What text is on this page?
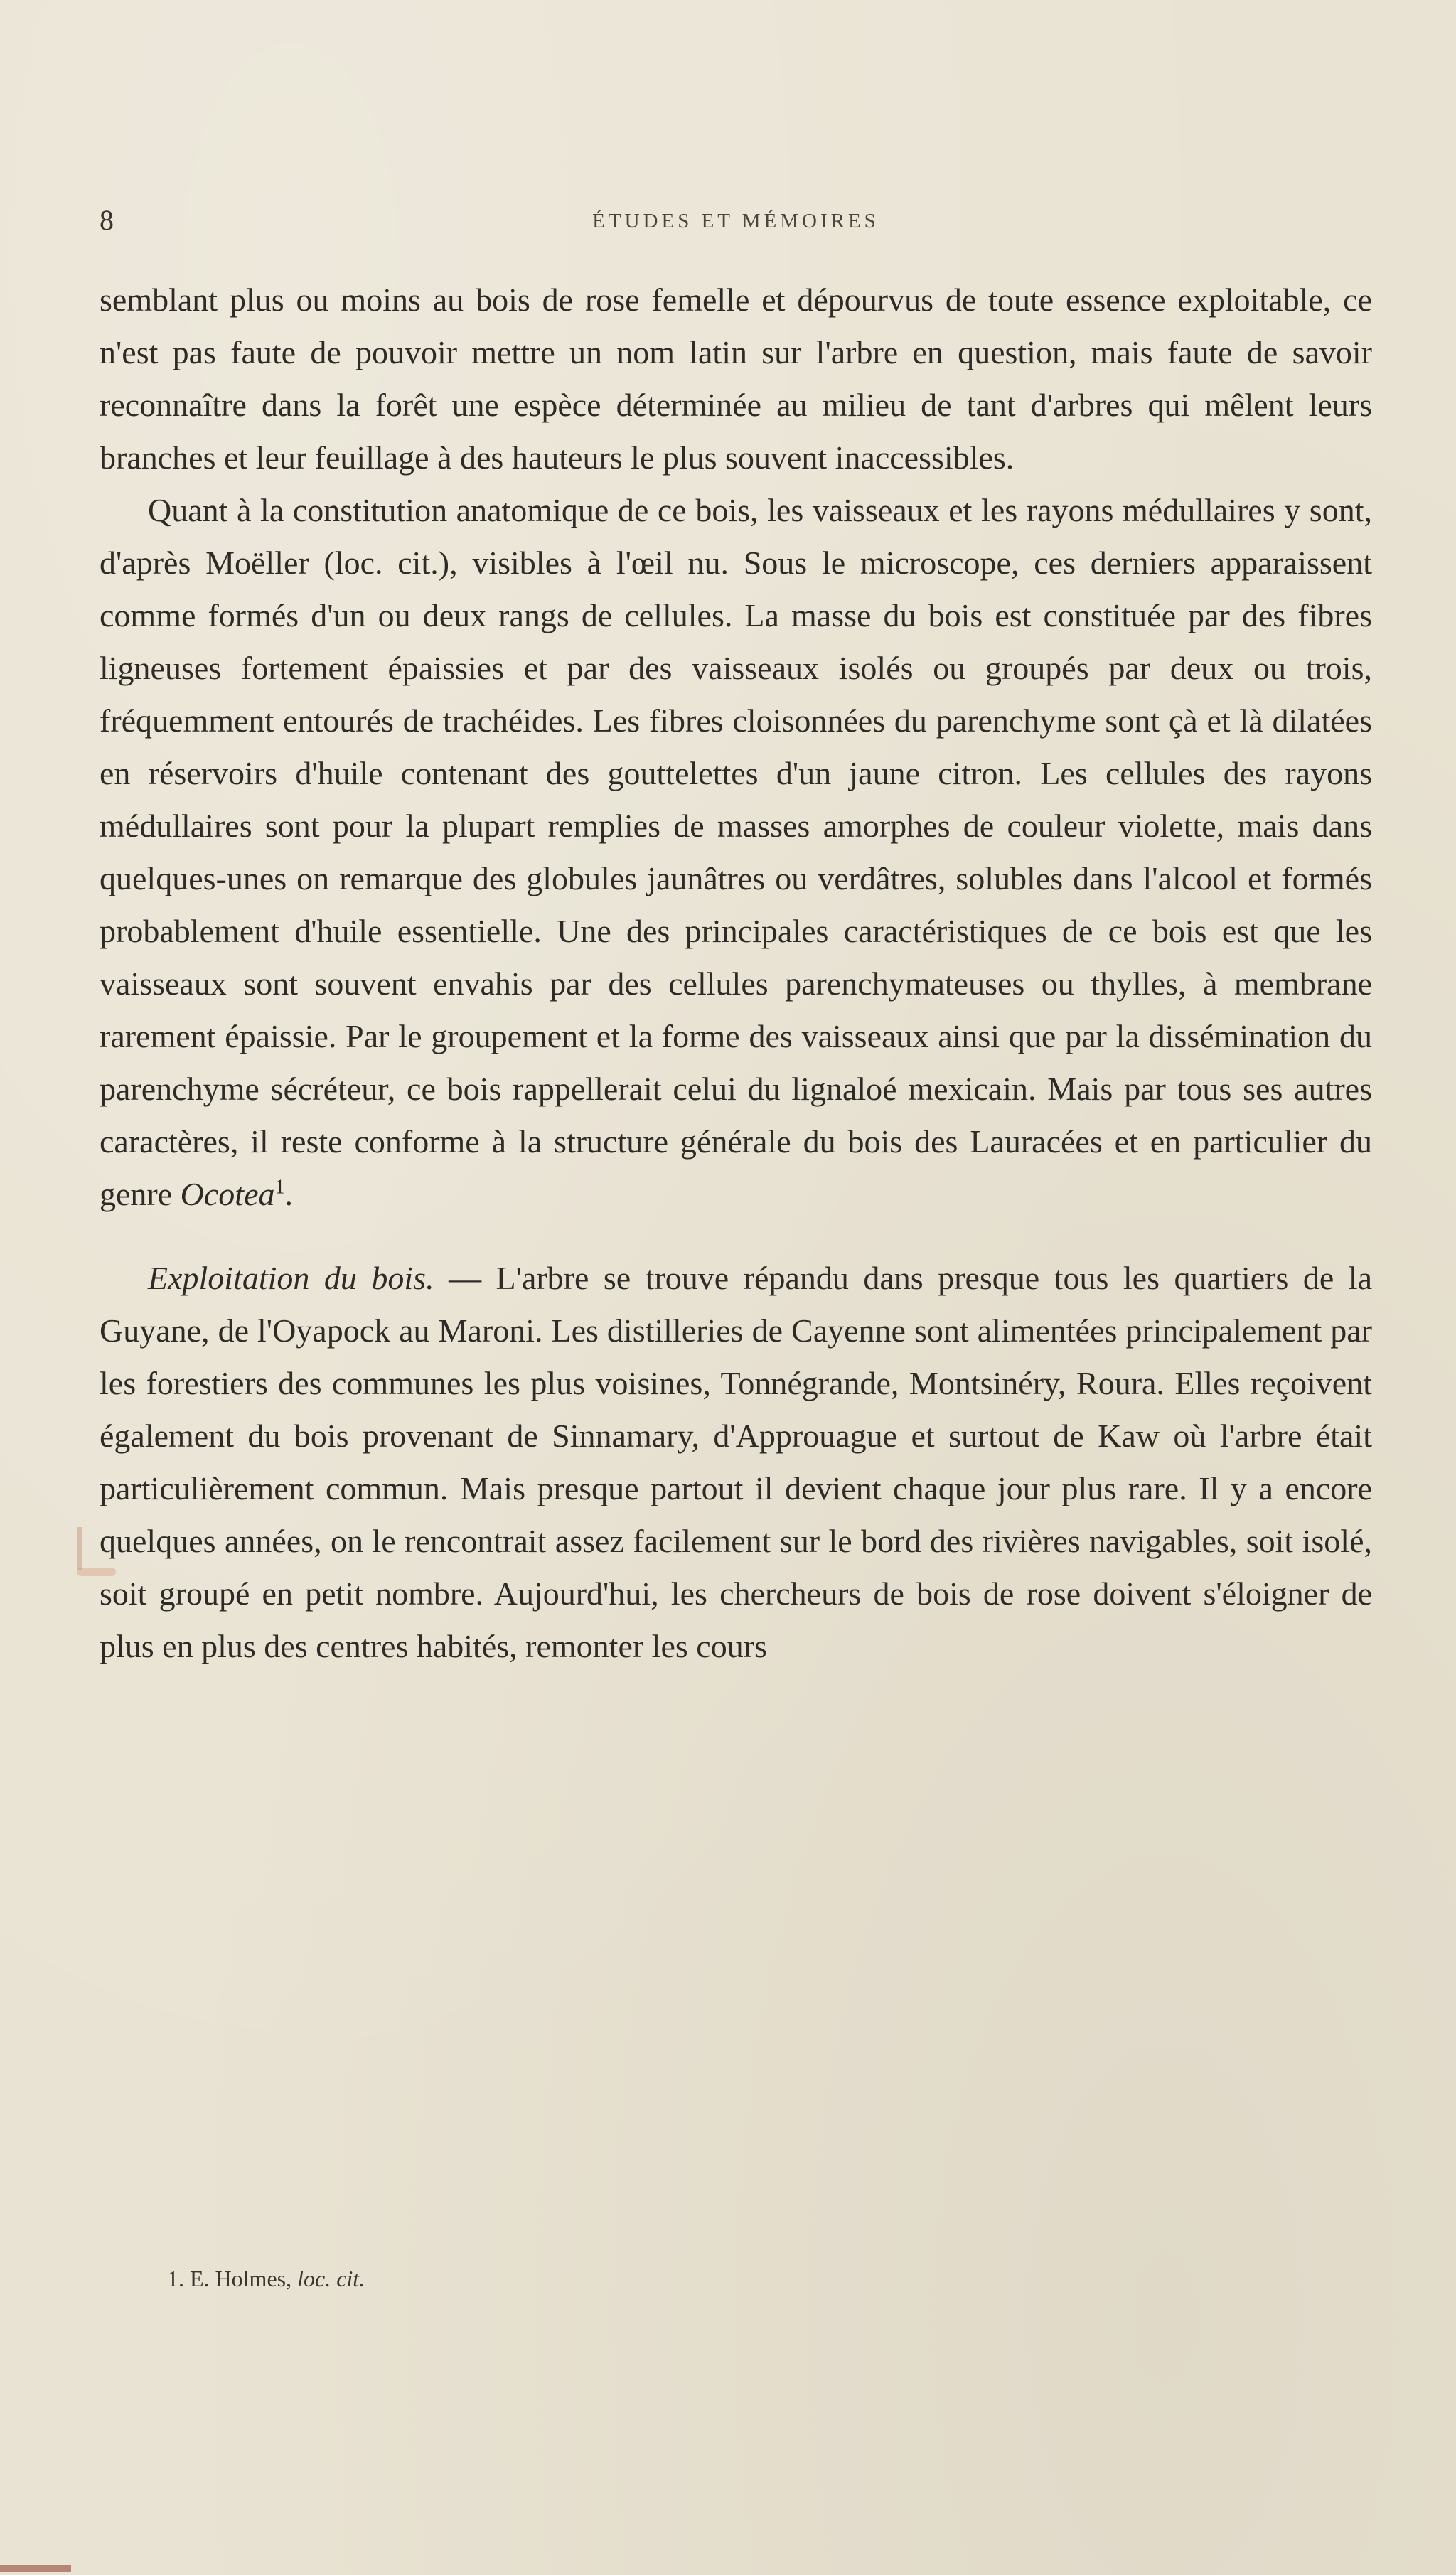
8	ÉTUDES ET MÉMOIRES

semblant plus ou moins au bois de rose femelle et dépourvus de toute essence exploitable, ce n'est pas faute de pouvoir mettre un nom latin sur l'arbre en question, mais faute de savoir reconnaître dans la forêt une espèce déterminée au milieu de tant d'arbres qui mêlent leurs branches et leur feuillage à des hauteurs le plus souvent inaccessibles.

Quant à la constitution anatomique de ce bois, les vaisseaux et les rayons médullaires y sont, d'après Moëller (loc. cit.), visibles à l'œil nu. Sous le microscope, ces derniers apparaissent comme formés d'un ou deux rangs de cellules. La masse du bois est constituée par des fibres ligneuses fortement épaissies et par des vaisseaux isolés ou groupés par deux ou trois, fréquemment entourés de trachéides. Les fibres cloisonnées du parenchyme sont çà et là dilatées en réservoirs d'huile contenant des gouttelettes d'un jaune citron. Les cellules des rayons médullaires sont pour la plupart remplies de masses amorphes de couleur violette, mais dans quelques-unes on remarque des globules jaunâtres ou verdâtres, solubles dans l'alcool et formés probablement d'huile essentielle. Une des principales caractéristiques de ce bois est que les vaisseaux sont souvent envahis par des cellules parenchymateuses ou thylles, à membrane rarement épaissie. Par le groupement et la forme des vaisseaux ainsi que par la dissémination du parenchyme sécréteur, ce bois rappellerait celui du lignaloé mexicain. Mais par tous ses autres caractères, il reste conforme à la structure générale du bois des Lauracées et en particulier du genre Ocotea$^1$.

Exploitation du bois. — L'arbre se trouve répandu dans presque tous les quartiers de la Guyane, de l'Oyapock au Maroni. Les distilleries de Cayenne sont alimentées principalement par les forestiers des communes les plus voisines, Tonnégrande, Montsinéry, Roura. Elles reçoivent également du bois provenant de Sinnamary, d'Approuague et surtout de Kaw où l'arbre était particulièrement commun. Mais presque partout il devient chaque jour plus rare. Il y a encore quelques années, on le rencontrait assez facilement sur le bord des rivières navigables, soit isolé, soit groupé en petit nombre. Aujourd'hui, les chercheurs de bois de rose doivent s'éloigner de plus en plus des centres habités, remonter les cours

1. E. Holmes, loc. cit.
